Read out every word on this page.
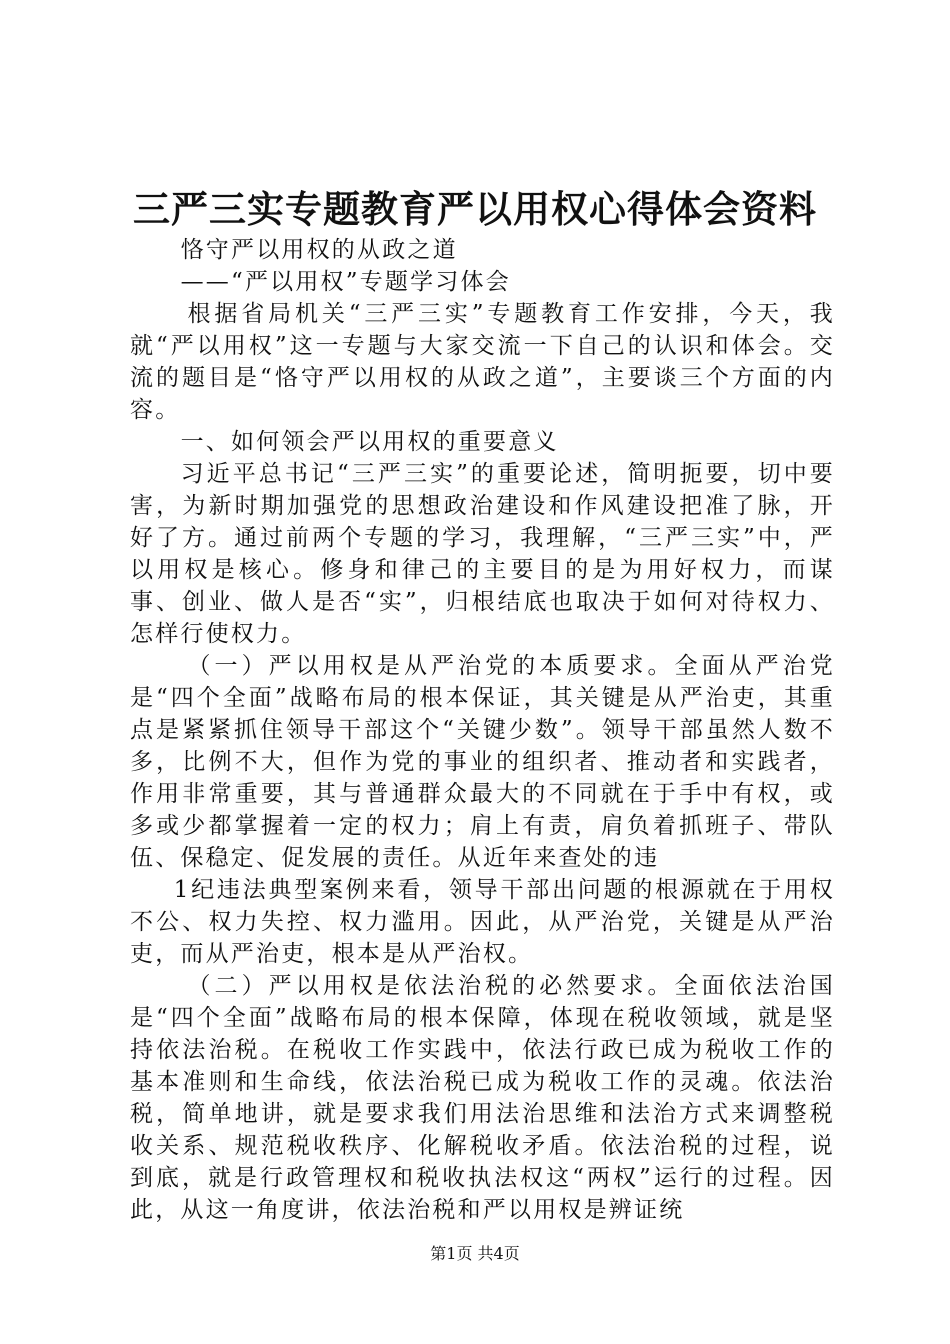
三严三实专题教育严以用权心得体会资料

恪守严以用权的从政之道

——“严以用权”专题学习体会

根据省局机关“三严三实”专题教育工作安排，今天，我就“严以用权”这一专题与大家交流一下自己的认识和体会。交流的题目是“恪守严以用权的从政之道”，主要谈三个方面的内容。

一、如何领会严以用权的重要意义

习近平总书记“三严三实”的重要论述，简明扼要，切中要害，为新时期加强党的思想政治建设和作风建设把准了脉，开好了方。通过前两个专题的学习，我理解，“三严三实”中，严以用权是核心。修身和律己的主要目的是为用好权力，而谋事、创业、做人是否“实”，归根结底也取决于如何对待权力、怎样行使权力。

（一）严以用权是从严治党的本质要求。全面从严治党是“四个全面”战略布局的根本保证，其关键是从严治吏，其重点是紧紧抓住领导干部这个“关键少数”。领导干部虽然人数不多，比例不大，但作为党的事业的组织者、推动者和实践者，作用非常重要，其与普通群众最大的不同就在于手中有权，或多或少都掌握着一定的权力；肩上有责，肩负着抓班子、带队伍、保稳定、促发展的责任。从近年来查处的违

1纪违法典型案例来看，领导干部出问题的根源就在于用权不公、权力失控、权力滥用。因此，从严治党，关键是从严治吏，而从严治吏，根本是从严治权。

（二）严以用权是依法治税的必然要求。全面依法治国是“四个全面”战略布局的根本保障，体现在税收领域，就是坚持依法治税。在税收工作实践中，依法行政已成为税收工作的基本准则和生命线，依法治税已成为税收工作的灵魂。依法治税，简单地讲，就是要求我们用法治思维和法治方式来调整税收关系、规范税收秩序、化解税收矛盾。依法治税的过程，说到底，就是行政管理权和税收执法权这“两权”运行的过程。因此，从这一角度讲，依法治税和严以用权是辨证统

第1页 共4页
